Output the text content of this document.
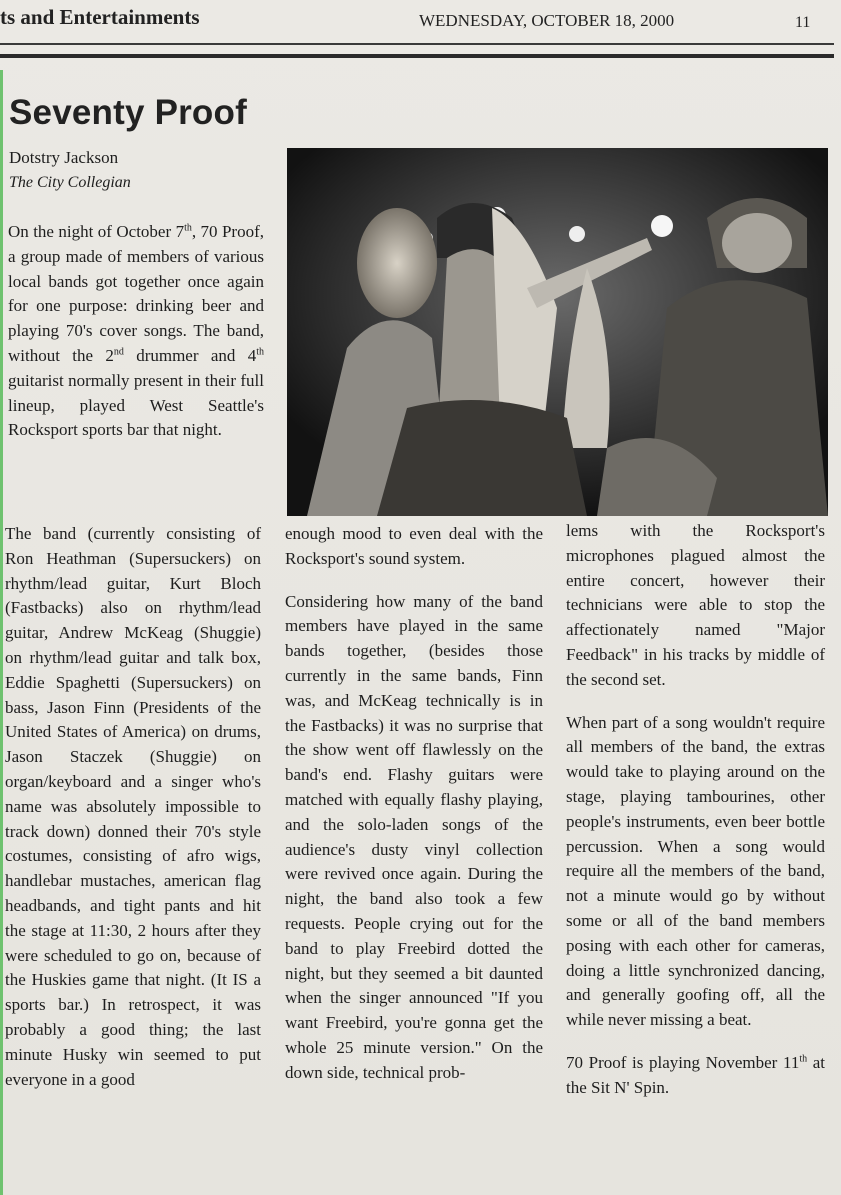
ts and Entertainments	WEDNESDAY, OCTOBER 18, 2000	11
Seventy Proof
Dotstry Jackson
The City Collegian

On the night of October 7th, 70 Proof, a group made of members of various local bands got together once again for one purpose: drinking beer and playing 70's cover songs. The band, without the 2nd drummer and 4th guitarist normally present in their full lineup, played West Seattle's Rocksport sports bar that night.

The band (currently consisting of Ron Heathman (Supersuckers) on rhythm/lead guitar, Kurt Bloch (Fastbacks) also on rhythm/lead guitar, Andrew McKeag (Shuggie) on rhythm/lead guitar and talk box, Eddie Spaghetti (Supersuckers) on bass, Jason Finn (Presidents of the United States of America) on drums, Jason Staczek (Shuggie) on organ/keyboard and a singer who's name was absolutely impossible to track down) donned their 70's style costumes, consisting of afro wigs, handlebar mustaches, american flag headbands, and tight pants and hit the stage at 11:30, 2 hours after they were scheduled to go on, because of the Huskies game that night. (It IS a sports bar.) In retrospect, it was probably a good thing; the last minute Husky win seemed to put everyone in a good

enough mood to even deal with the Rocksport's sound system.

Considering how many of the band members have played in the same bands together, (besides those currently in the same bands, Finn was, and McKeag technically is in the Fastbacks) it was no surprise that the show went off flawlessly on the band's end. Flashy guitars were matched with equally flashy playing, and the solo-laden songs of the audience's dusty vinyl collection were revived once again. During the night, the band also took a few requests. People crying out for the band to play Freebird dotted the night, but they seemed a bit daunted when the singer announced "If you want Freebird, you're gonna get the whole 25 minute version." On the down side, technical prob-

lems with the Rocksport's microphones plagued almost the entire concert, however their technicians were able to stop the affectionately named "Major Feedback" in his tracks by middle of the second set.

When part of a song wouldn't require all members of the band, the extras would take to playing around on the stage, playing tambourines, other people's instruments, even beer bottle percussion. When a song would require all the members of the band, not a minute would go by without some or all of the band members posing with each other for cameras, doing a little synchronized dancing, and generally goofing off, all the while never missing a beat.

70 Proof is playing November 11th at the Sit N' Spin.
